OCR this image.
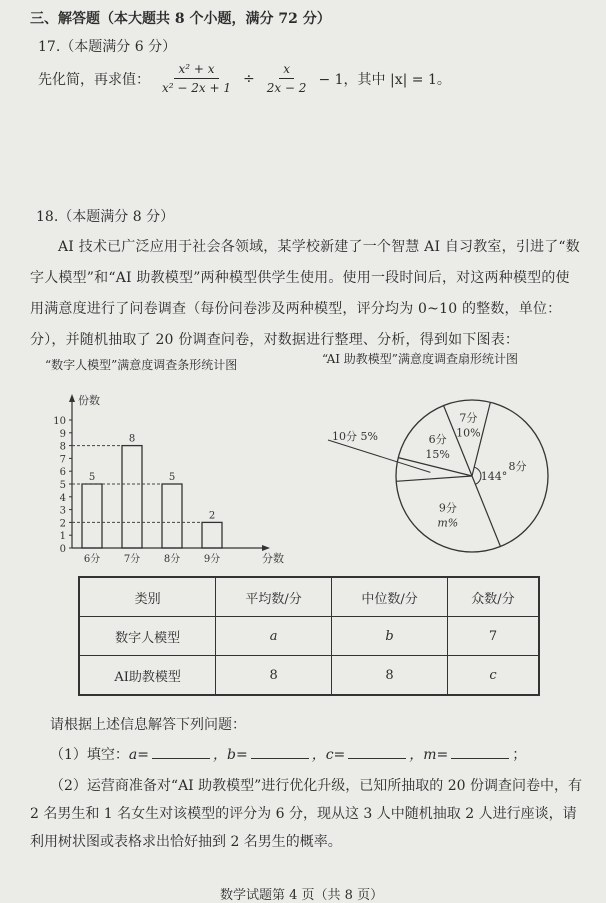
三、解答题（本大题共 8 个小题，满分 72 分）
17.（本题满分 6 分）
先化简，再求值： $\frac{\text{x² + x}}{\text{x² − 2x + 1}} \div \frac{x}{2x - 2} - 1$，其中 |x| = 1。
18.（本题满分 8 分）
AI 技术已广泛应用于社会各领域，某学校新建了一个智慧 AI 自习教室，引进了“数字人模型”和“AI 助教模型”两种模型供学生使用。使用一段时间后，对这两种模型的使用满意度进行了问卷调查（每份问卷涉及两种模型，评分均为 0~10 的整数，单位：分），并随机抽取了 20 份调查问卷，对数据进行整理、分析，得到如下图表：
“数字人模型”满意度调查条形统计图	“AI 助教模型”满意度调查扇形统计图
份数
分数
0
1
2
3
4
5
6
7
8
9
10
5
6分
8
7分
5
8分
2
9分
7分
10%
8分
144°
9分
m%
10分 5%	6分
15%
类别	平均数/分	中位数/分	众数/分
数字人模型	a	b	7
AI助教模型	8	8	c
请根据上述信息解答下列问题：
（1）填空：a=	，b=	，c=	，m=	；
（2）运营商准备对“AI 助教模型”进行优化升级，已知所抽取的 20 份调查问卷中，有 2 名男生和 1 名女生对该模型的评分为 6 分，现从这 3 人中随机抽取 2 人进行座谈，请利用树状图或表格求出恰好抽到 2 名男生的概率。
数学试题第 4 页（共 8 页）
